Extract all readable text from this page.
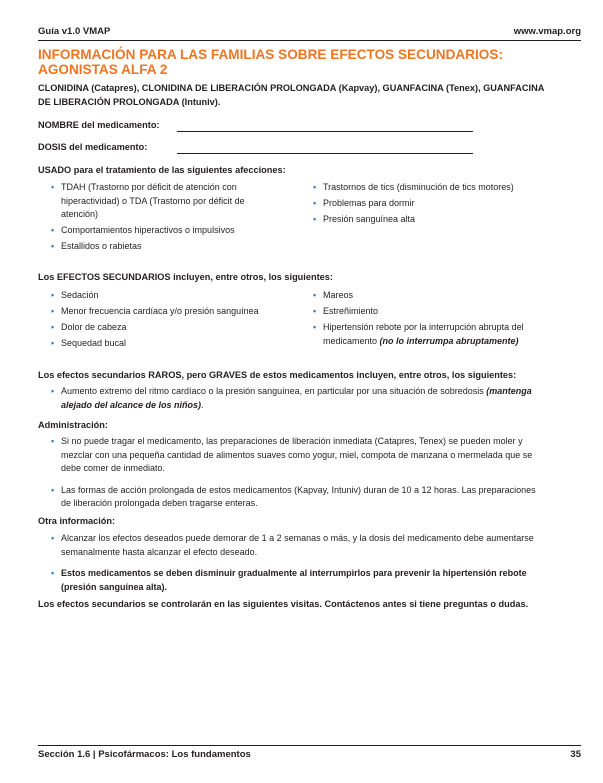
Guía v1.0 VMAP	www.vmap.org
INFORMACIÓN PARA LAS FAMILIAS SOBRE EFECTOS SECUNDARIOS: AGONISTAS ALFA 2
CLONIDINA (Catapres), CLONIDINA DE LIBERACIÓN PROLONGADA (Kapvay), GUANFACINA (Tenex), GUANFACINA DE LIBERACIÓN PROLONGADA (Intuniv).
NOMBRE del medicamento:
DOSIS del medicamento:
USADO para el tratamiento de las siguientes afecciones:
• TDAH (Trastorno por déficit de atención con hiperactividad) o TDA (Trastorno por déficit de atención)
• Comportamientos hiperactivos o impulsivos
• Estallidos o rabietas
• Trastornos de tics (disminución de tics motores)
• Problemas para dormir
• Presión sanguínea alta
Los EFECTOS SECUNDARIOS incluyen, entre otros, los siguientes:
• Sedación
• Menor frecuencia cardíaca y/o presión sanguínea
• Dolor de cabeza
• Sequedad bucal
• Mareos
• Estreñimiento
• Hipertensión rebote por la interrupción abrupta del medicamento (no lo interrumpa abruptamente)
Los efectos secundarios RAROS, pero GRAVES de estos medicamentos incluyen, entre otros, los siguientes:
• Aumento extremo del ritmo cardíaco o la presión sanguínea, en particular por una situación de sobredosis (mantenga alejado del alcance de los niños).
Administración:
• Si no puede tragar el medicamento, las preparaciones de liberación inmediata (Catapres, Tenex) se pueden moler y mezclar con una pequeña cantidad de alimentos suaves como yogur, miel, compota de manzana o mermelada que se debe comer de inmediato.
• Las formas de acción prolongada de estos medicamentos (Kapvay, Intuniv) duran de 10 a 12 horas. Las preparaciones de liberación prolongada deben tragarse enteras.
Otra información:
• Alcanzar los efectos deseados puede demorar de 1 a 2 semanas o más, y la dosis del medicamento debe aumentarse semanalmente hasta alcanzar el efecto deseado.
• Estos medicamentos se deben disminuir gradualmente al interrumpirlos para prevenir la hipertensión rebote (presión sanguínea alta).
Los efectos secundarios se controlarán en las siguientes visitas. Contáctenos antes si tiene preguntas o dudas.
Sección 1.6 | Psicofármacos: Los fundamentos	35
